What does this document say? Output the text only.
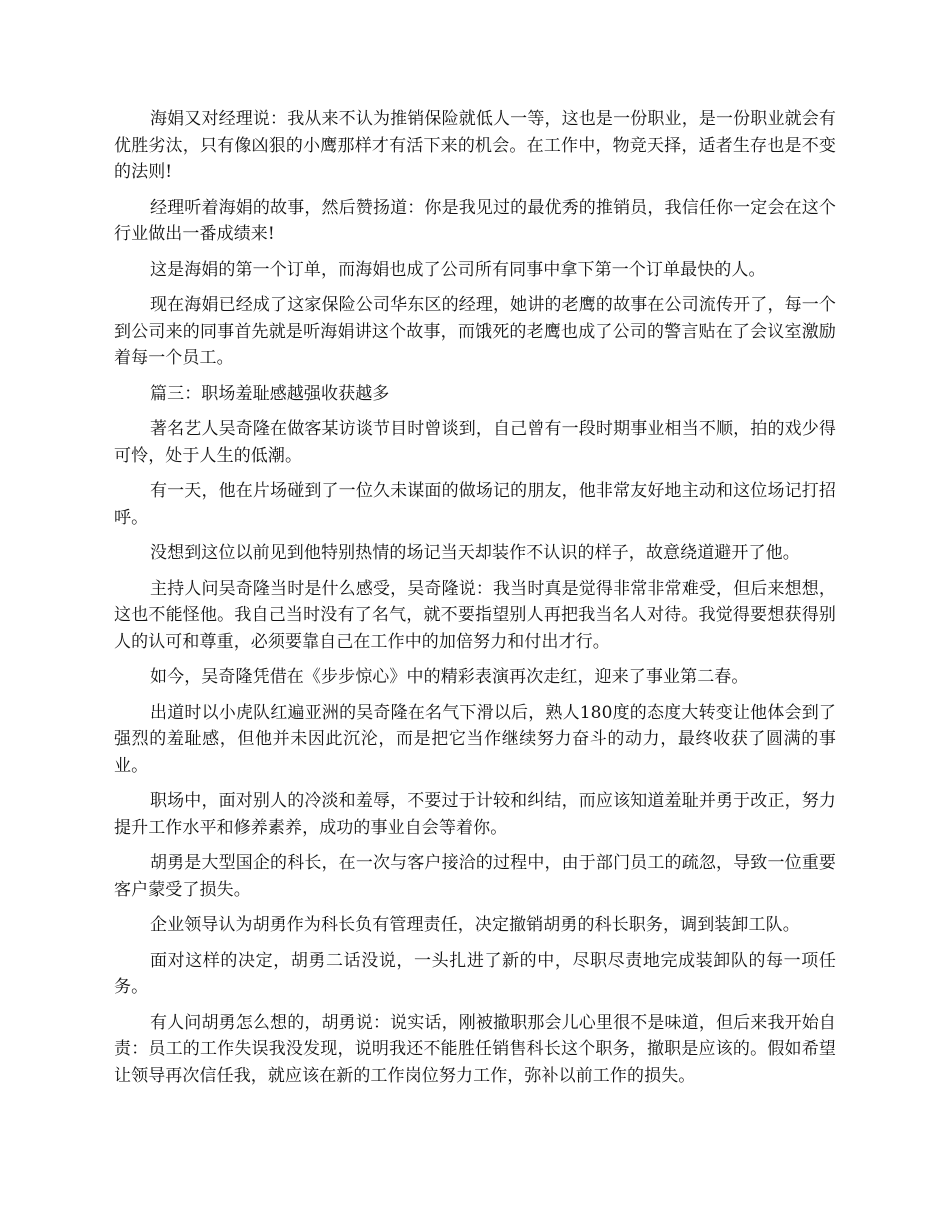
海娟又对经理说：我从来不认为推销保险就低人一等，这也是一份职业，是一份职业就会有优胜劣汰，只有像凶狠的小鹰那样才有活下来的机会。在工作中，物竞天择，适者生存也是不变的法则!

经理听着海娟的故事，然后赞扬道：你是我见过的最优秀的推销员，我信任你一定会在这个行业做出一番成绩来!

这是海娟的第一个订单，而海娟也成了公司所有同事中拿下第一个订单最快的人。

现在海娟已经成了这家保险公司华东区的经理，她讲的老鹰的故事在公司流传开了，每一个到公司来的同事首先就是听海娟讲这个故事，而饿死的老鹰也成了公司的警言贴在了会议室激励着每一个员工。

篇三：职场羞耻感越强收获越多

著名艺人吴奇隆在做客某访谈节目时曾谈到，自己曾有一段时期事业相当不顺，拍的戏少得可怜，处于人生的低潮。

有一天，他在片场碰到了一位久未谋面的做场记的朋友，他非常友好地主动和这位场记打招呼。

没想到这位以前见到他特别热情的场记当天却装作不认识的样子，故意绕道避开了他。

主持人问吴奇隆当时是什么感受，吴奇隆说：我当时真是觉得非常非常难受，但后来想想，这也不能怪他。我自己当时没有了名气，就不要指望别人再把我当名人对待。我觉得要想获得别人的认可和尊重，必须要靠自己在工作中的加倍努力和付出才行。

如今，吴奇隆凭借在《步步惊心》中的精彩表演再次走红，迎来了事业第二春。

出道时以小虎队红遍亚洲的吴奇隆在名气下滑以后，熟人180度的态度大转变让他体会到了强烈的羞耻感，但他并未因此沉沦，而是把它当作继续努力奋斗的动力，最终收获了圆满的事业。

职场中，面对别人的冷淡和羞辱，不要过于计较和纠结，而应该知道羞耻并勇于改正，努力提升工作水平和修养素养，成功的事业自会等着你。

胡勇是大型国企的科长，在一次与客户接洽的过程中，由于部门员工的疏忽，导致一位重要客户蒙受了损失。

企业领导认为胡勇作为科长负有管理责任，决定撤销胡勇的科长职务，调到装卸工队。

面对这样的决定，胡勇二话没说，一头扎进了新的中，尽职尽责地完成装卸队的每一项任务。

有人问胡勇怎么想的，胡勇说：说实话，刚被撤职那会儿心里很不是味道，但后来我开始自责：员工的工作失误我没发现，说明我还不能胜任销售科长这个职务，撤职是应该的。假如希望让领导再次信任我，就应该在新的工作岗位努力工作，弥补以前工作的损失。
